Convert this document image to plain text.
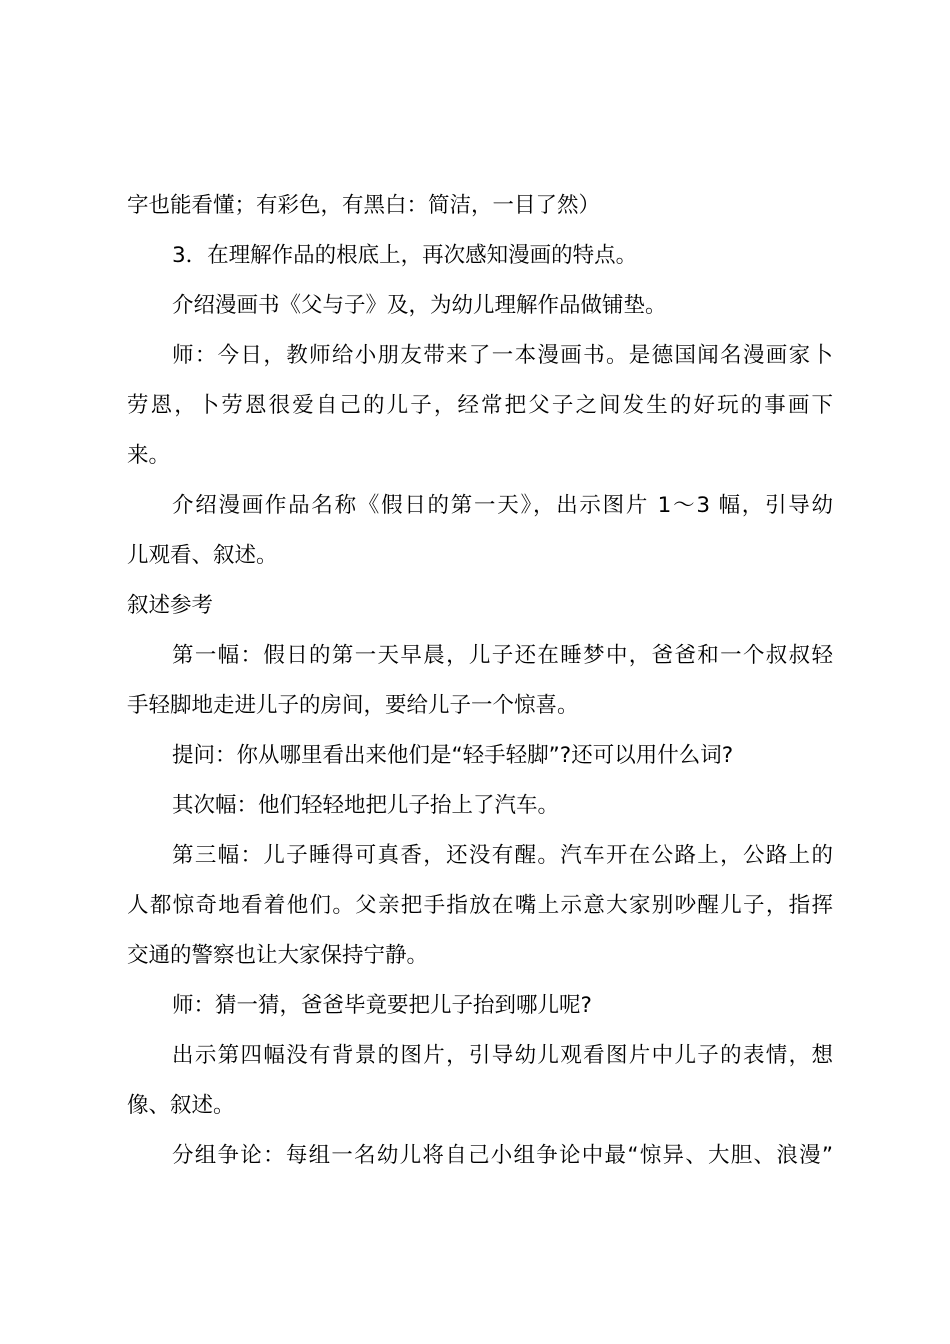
字也能看懂；有彩色，有黑白：简洁，一目了然）
3．在理解作品的根底上，再次感知漫画的特点。
介绍漫画书《父与子》及，为幼儿理解作品做铺垫。
师：今日，教师给小朋友带来了一本漫画书。是德国闻名漫画家卜
劳恩，卜劳恩很爱自己的儿子，经常把父子之间发生的好玩的事画下
来。
介绍漫画作品名称《假日的第一天》，出示图片 1～3 幅，引导幼
儿观看、叙述。
叙述参考
第一幅：假日的第一天早晨，儿子还在睡梦中，爸爸和一个叔叔轻
手轻脚地走进儿子的房间，要给儿子一个惊喜。
提问：你从哪里看出来他们是“轻手轻脚”?还可以用什么词?
其次幅：他们轻轻地把儿子抬上了汽车。
第三幅：儿子睡得可真香，还没有醒。汽车开在公路上，公路上的
人都惊奇地看着他们。父亲把手指放在嘴上示意大家别吵醒儿子，指挥
交通的警察也让大家保持宁静。
师：猜一猜，爸爸毕竟要把儿子抬到哪儿呢?
出示第四幅没有背景的图片，引导幼儿观看图片中儿子的表情，想
像、叙述。
分组争论：每组一名幼儿将自己小组争论中最“惊异、大胆、浪漫”
